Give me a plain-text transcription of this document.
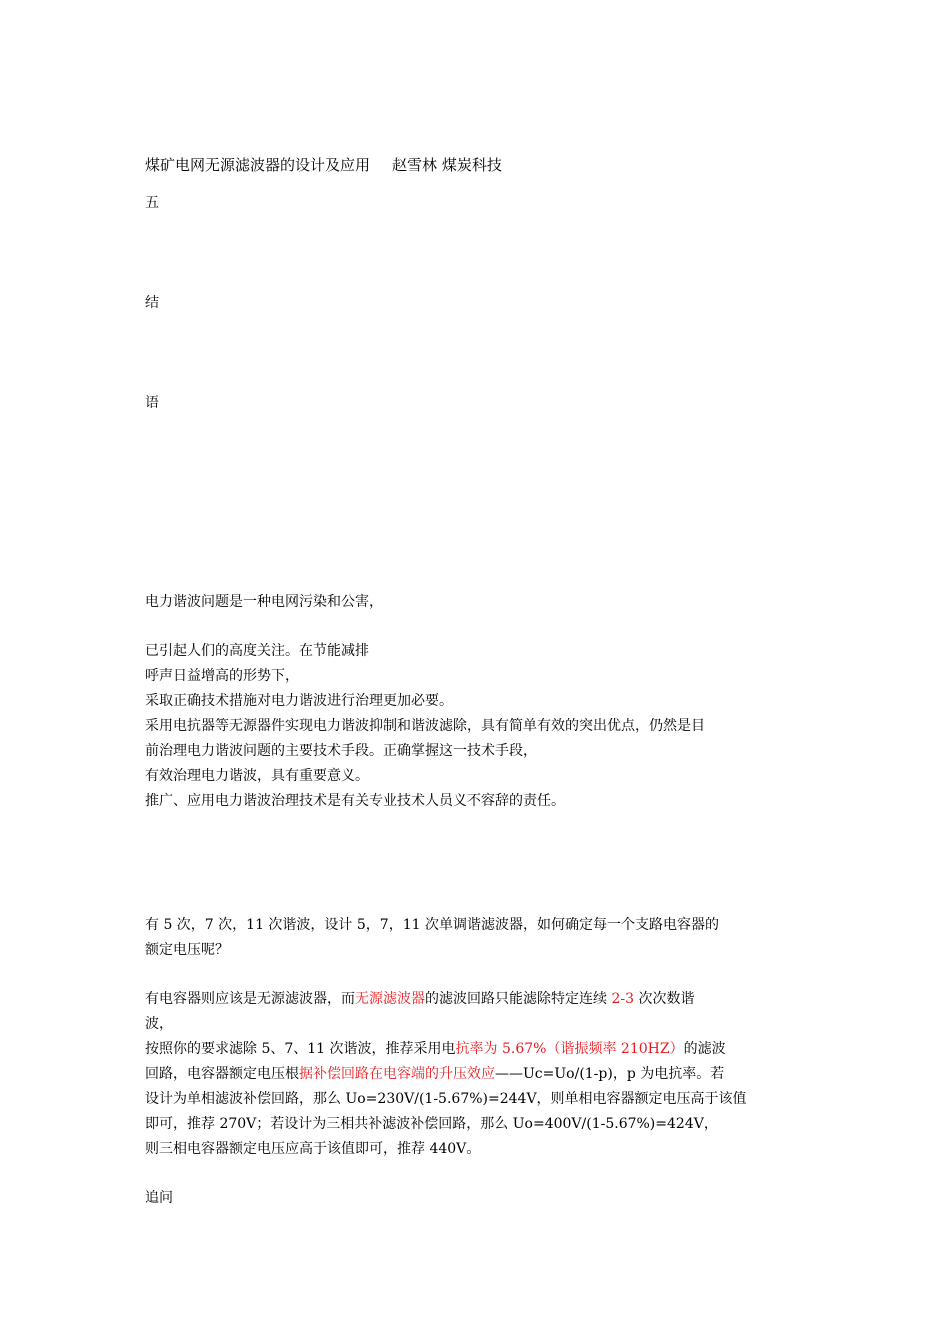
煤矿电网无源滤波器的设计及应用 赵雪林 煤炭科技
五
结
语
电力谐波问题是一种电网污染和公害，
已引起人们的高度关注。在节能减排
呼声日益增高的形势下，
采取正确技术措施对电力谐波进行治理更加必要。
采用电抗器等无源器件实现电力谐波抑制和谐波滤除，具有简单有效的突出优点，仍然是目
前治理电力谐波问题的主要技术手段。正确掌握这一技术手段，
有效治理电力谐波，具有重要意义。
推广、应用电力谐波治理技术是有关专业技术人员义不容辞的责任。
有 5 次，7 次，11 次谐波，设计 5，7，11 次单调谐滤波器，如何确定每一个支路电容器的
额定电压呢？
有电容器则应该是无源滤波器，而无源滤波器的滤波回路只能滤除特定连续 2-3 次次数谐
波，
按照你的要求滤除 5、7、11 次谐波，推荐采用电抗率为 5.67%（谐振频率 210HZ）的滤波
回路，电容器额定电压根据补偿回路在电容端的升压效应——Uc=Uo/(1-p)，p 为电抗率。若
设计为单相滤波补偿回路，那么 Uo=230V/(1-5.67%)=244V，则单相电容器额定电压高于该值
即可，推荐 270V；若设计为三相共补滤波补偿回路，那么 Uo=400V/(1-5.67%)=424V，
则三相电容器额定电压应高于该值即可，推荐 440V。
追问
